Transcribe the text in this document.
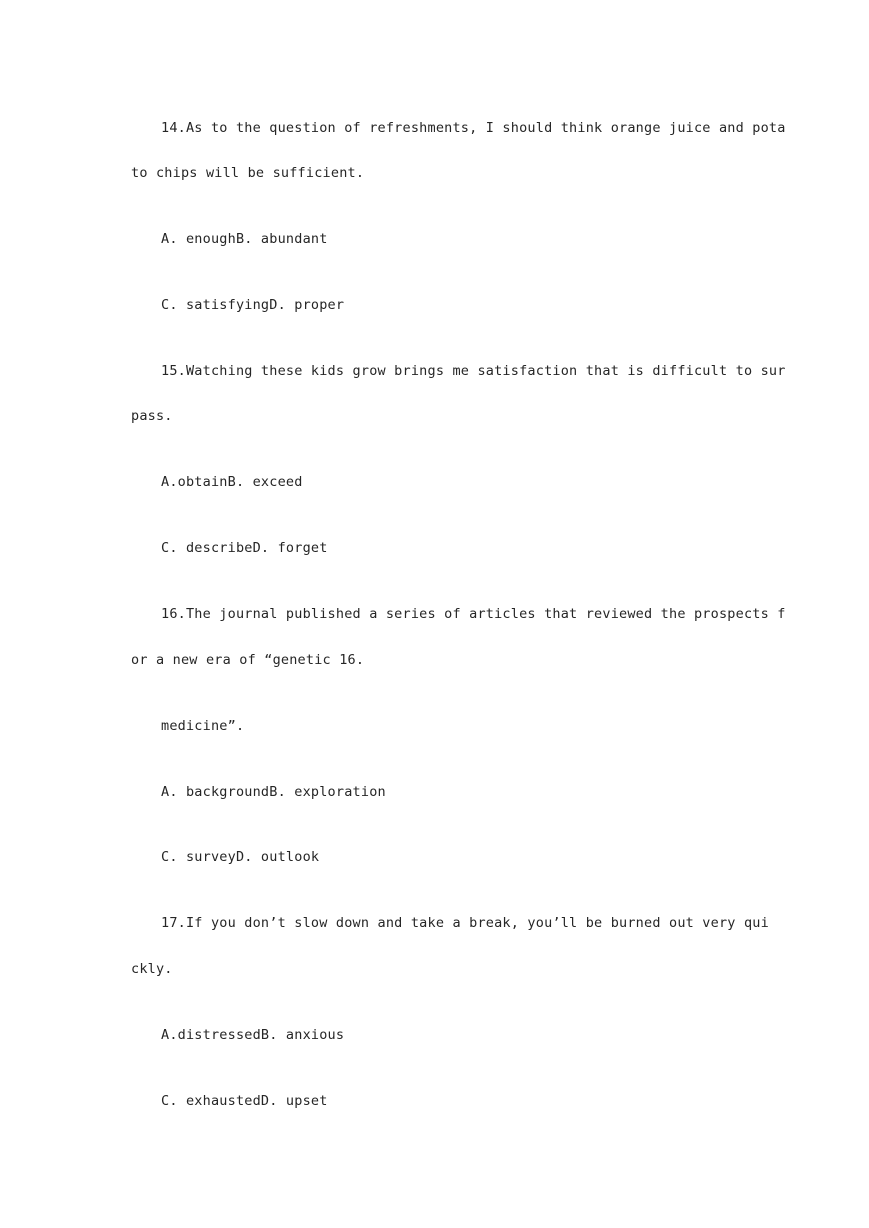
14.As to the question of refreshments, I should think orange juice and pota
to chips will be sufficient.
A. enoughB. abundant
C. satisfyingD. proper
15.Watching these kids grow brings me satisfaction that is difficult to sur
pass.
A.obtainB. exceed
C. describeD. forget
16.The journal published a series of articles that reviewed the prospects f
or a new era of “genetic 16.
medicine”.
A. backgroundB. exploration
C. surveyD. outlook
17.If you don’t slow down and take a break, you’ll be burned out very qui
ckly.
A.distressedB. anxious
C. exhaustedD. upset
